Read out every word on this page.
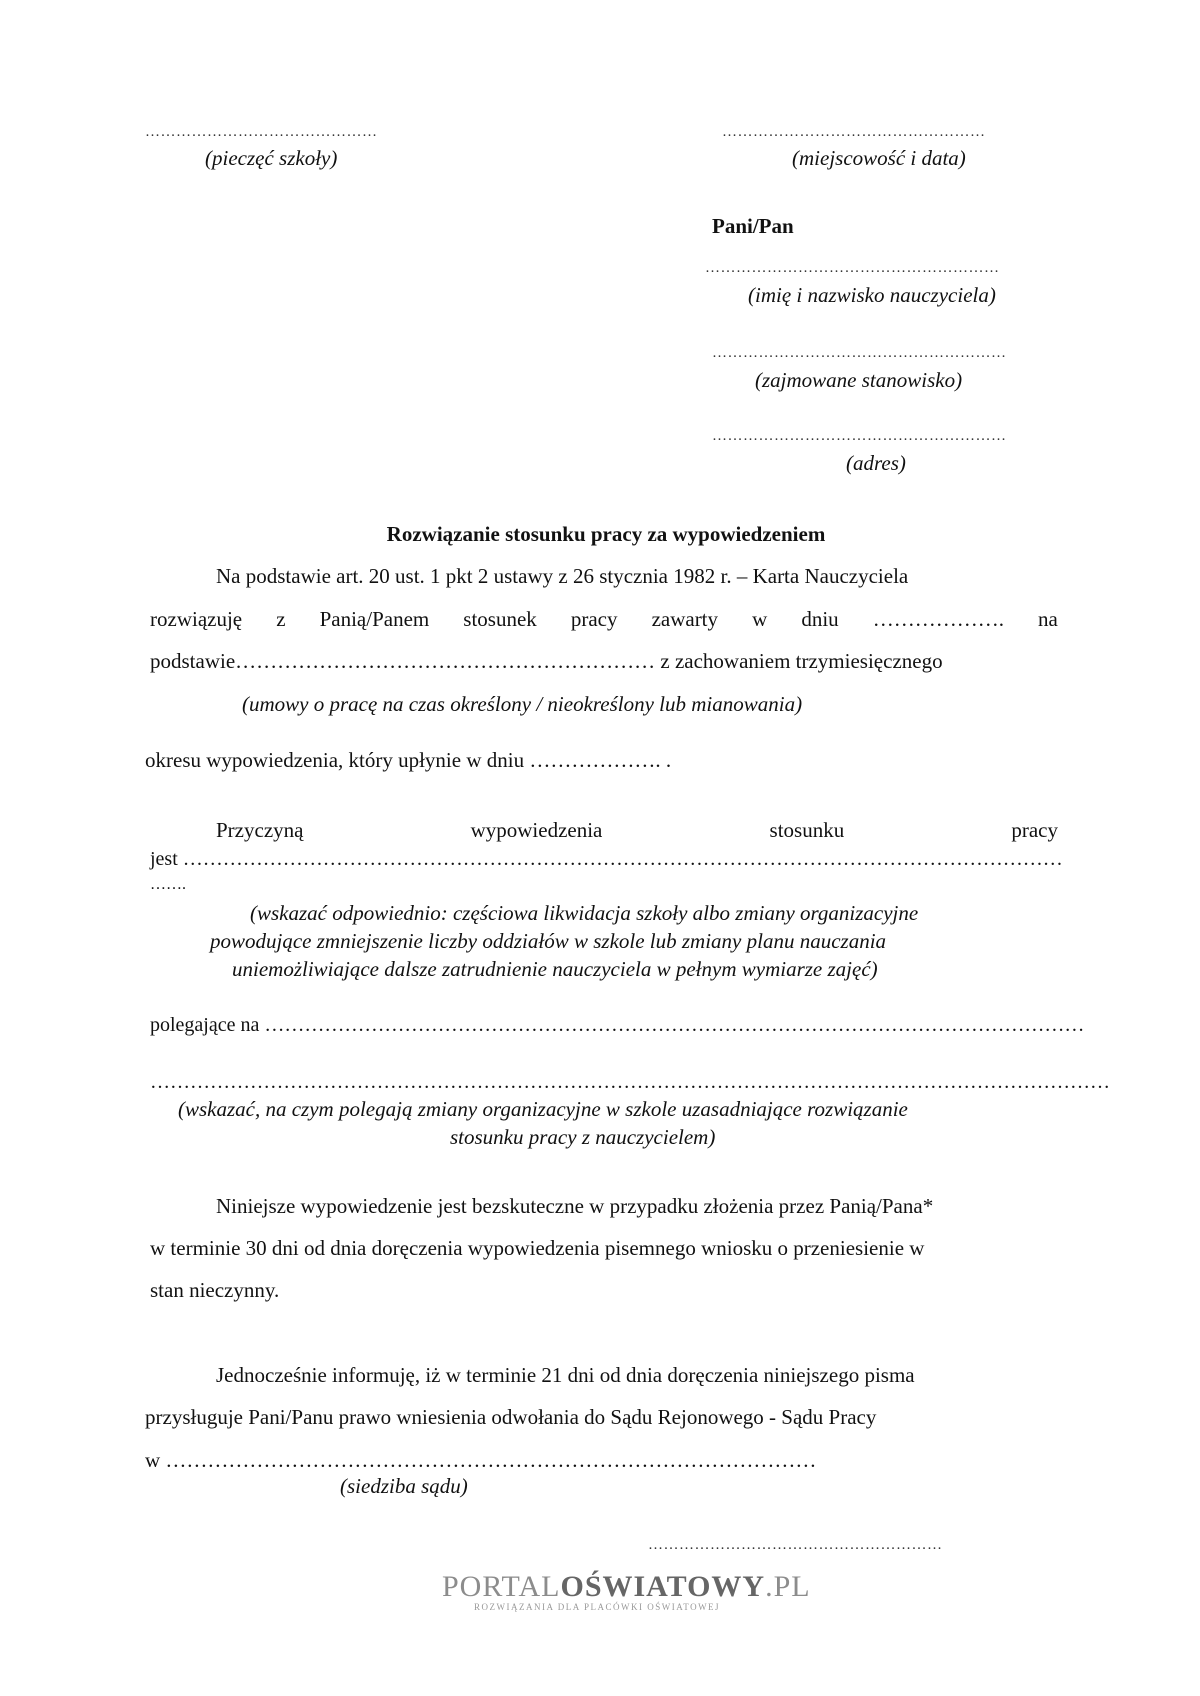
………………………………………
(pieczęć szkoły)
……………………………………………
(miejscowość i data)
Pani/Pan
…………………………………………………
(imię i nazwisko nauczyciela)
…………………………………………………
(zajmowane stanowisko)
…………………………………………………
(adres)
Rozwiązanie stosunku pracy za wypowiedzeniem
Na podstawie art. 20 ust. 1 pkt 2 ustawy z 26 stycznia 1982 r. – Karta Nauczyciela
rozwiązuję z Panią/Panem stosunek pracy zawarty w dniu ………………. na
podstawie…………………………………………………… z zachowaniem trzymiesięcznego
(umowy o pracę na czas określony / nieokreślony lub mianowania)
okresu wypowiedzenia, który upłynie w dniu ………………. .
Przyczyną	wypowiedzenia	stosunku	pracy
jest ……………………………………………………………………………………………………………………
…….
(wskazać odpowiednio: częściowa likwidacja szkoły albo zmiany organizacyjne
powodujące zmniejszenie liczby oddziałów w szkole lub zmiany planu nauczania
uniemożliwiające dalsze zatrudnienie nauczyciela w pełnym wymiarze zajęć)
polegające na ……………………………………………………………………………………………………………
………………………………………………………………………………………………………………………………
(wskazać, na czym polegają zmiany organizacyjne w szkole uzasadniające rozwiązanie
stosunku pracy z nauczycielem)
Niniejsze wypowiedzenie jest bezskuteczne w przypadku złożenia przez Panią/Pana*
w terminie 30 dni od dnia doręczenia wypowiedzenia pisemnego wniosku o przeniesienie w
stan nieczynny.
Jednocześnie informuję, iż w terminie 21 dni od dnia doręczenia niniejszego pisma
przysługuje Pani/Panu prawo wniesienia odwołania do Sądu Rejonowego - Sądu Pracy
w …………………………………………………………………………………
(siedziba sądu)
…………………………………………………
PORTALOŚWIATOWY.PL
ROZWIĄZANIA DLA PLACÓWKI OŚWIATOWEJ
